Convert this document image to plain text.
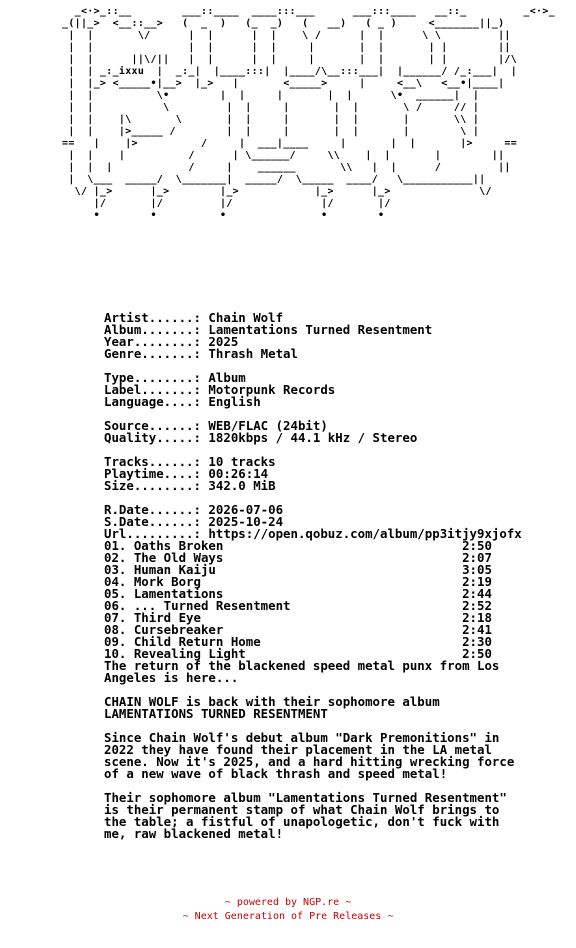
_<·>_::__        ___::____  ____:::___      ___:::____   __::_         _<·>_
_(||_>  <__::__>   (  _  )   (_  _)   (   __)   ( _ )     <_______||_)
|  |       \/      |  |      |  |    \ /      |  |      \ \         ||
|  |               |  |      |  |     |       |  |       | |        ||
|  |      ||\/||   |  |      |  |     |       |  |       | |        |/\
|  | _:_ixxu  |  _:_|  |____:::|  |____/\__:::___|  |______/ /_:___|  |
|  |_> <_____•|__>  |_>   |       <_____>     |     <__\   <__•|____|
|  |          \•        |  |     |       |  |      \•  ______|  |
|  |           \         |  |     |       |  |       \ /     // |
|  |    |\       \       |  |     |       |  |       |       \\ |
|  |    |>_____ /        |  |     |       |  |       |        \ |
==   |    |>          /     |  ___|____     |       |  |       |>     ==
|  |    |          /      | \______/     \\    |  |       |        ||
|  |  |            /     |    ______       \\   |  |      /         ||
|  \___  _____/  \_______|  _____/  \_____  ____/   \___________||
\/ |_>      |_>        |_>            |_>      |_>              \/
|/       |/         |/              |/       |/
•        •          •               •        •
Artist......: Chain Wolf
Album.......: Lamentations Turned Resentment
Year........: 2025
Genre.......: Thrash Metal

Type........: Album
Label.......: Motorpunk Records
Language....: English

Source......: WEB/FLAC (24bit)
Quality.....: 1820kbps / 44.1 kHz / Stereo

Tracks......: 10 tracks
Playtime....: 00:26:14
Size........: 342.0 MiB

R.Date......: 2026-07-06
S.Date......: 2025-10-24
Url.........: https://open.qobuz.com/album/pp3itjy9xjofx

01. Oaths Broken                                2:50
02. The Old Ways                                2:07
03. Human Kaiju                                 3:05
04. Mork Borg                                   2:19
05. Lamentations                                2:44
06. ... Turned Resentment                       2:52
07. Third Eye                                   2:18
08. Cursebreaker                                2:41
09. Child Return Home                           2:30
10. Revealing Light                             2:50

The return of the blackened speed metal punx from Los
Angeles is here...

CHAIN WOLF is back with their sophomore album
LAMENTATIONS TURNED RESENTMENT

Since Chain Wolf's debut album "Dark Premonitions" in
2022 they have found their placement in the LA metal
scene. Now it's 2025, and a hard hitting wrecking force
of a new wave of black thrash and speed metal!

Their sophomore album "Lamentations Turned Resentment"
is their permanent stamp of what Chain Wolf brings to
the table; a fistful of unapologetic, don't fuck with
me, raw blackened metal!
~ powered by NGP.re ~
~ Next Generation of Pre Releases ~
